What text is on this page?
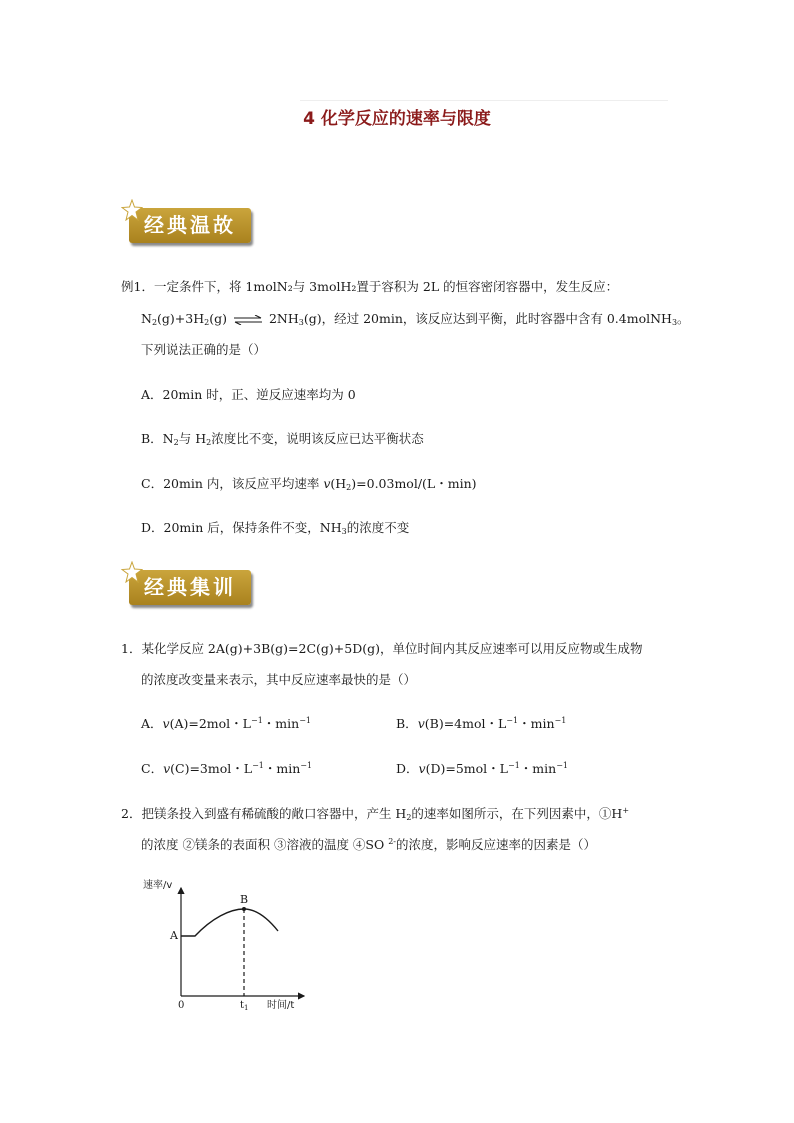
4 化学反应的速率与限度
经典温故
例1．一定条件下，将 1molN₂与 3molH₂置于容积为 2L 的恒容密闭容器中，发生反应：
$N_2(g)+3H_2(g)$ ⇌ $2NH_3(g)$，经过 20min，该反应达到平衡，此时容器中含有 0.4molNH$_3$。
下列说法正确的是（）
A．20min 时，正、逆反应速率均为 0
B．$N_2$与 $H_2$浓度比不变，说明该反应已达平衡状态
C．20min 内，该反应平均速率 $v(H_2)=0.03mol/(L$・min)
D．20min 后，保持条件不变，$NH_3$的浓度不变
经典集训
1．某化学反应 2A(g)+3B(g)=2C(g)+5D(g)，单位时间内其反应速率可以用反应物或生成物
的浓度改变量来表示，其中反应速率最快的是（）
A．v(A)=2mol・$L^{-1}$・$\min^{-1}$	B．v(B)=4mol・$L^{-1}$・$\min^{-1}$
C．v(C)=3mol・$L^{-1}$・$\min^{-1}$	D．v(D)=5mol・$L^{-1}$・$\min^{-1}$
2．把镁条投入到盛有稀硫酸的敞口容器中，产生 $H_2$的速率如图所示，在下列因素中，①H+
的浓度 ②镁条的表面积 ③溶液的温度 ④SO $^{2-}$的浓度，影响反应速率的因素是（）
速率/v
A
B
0	$t_1$ 时间/t
